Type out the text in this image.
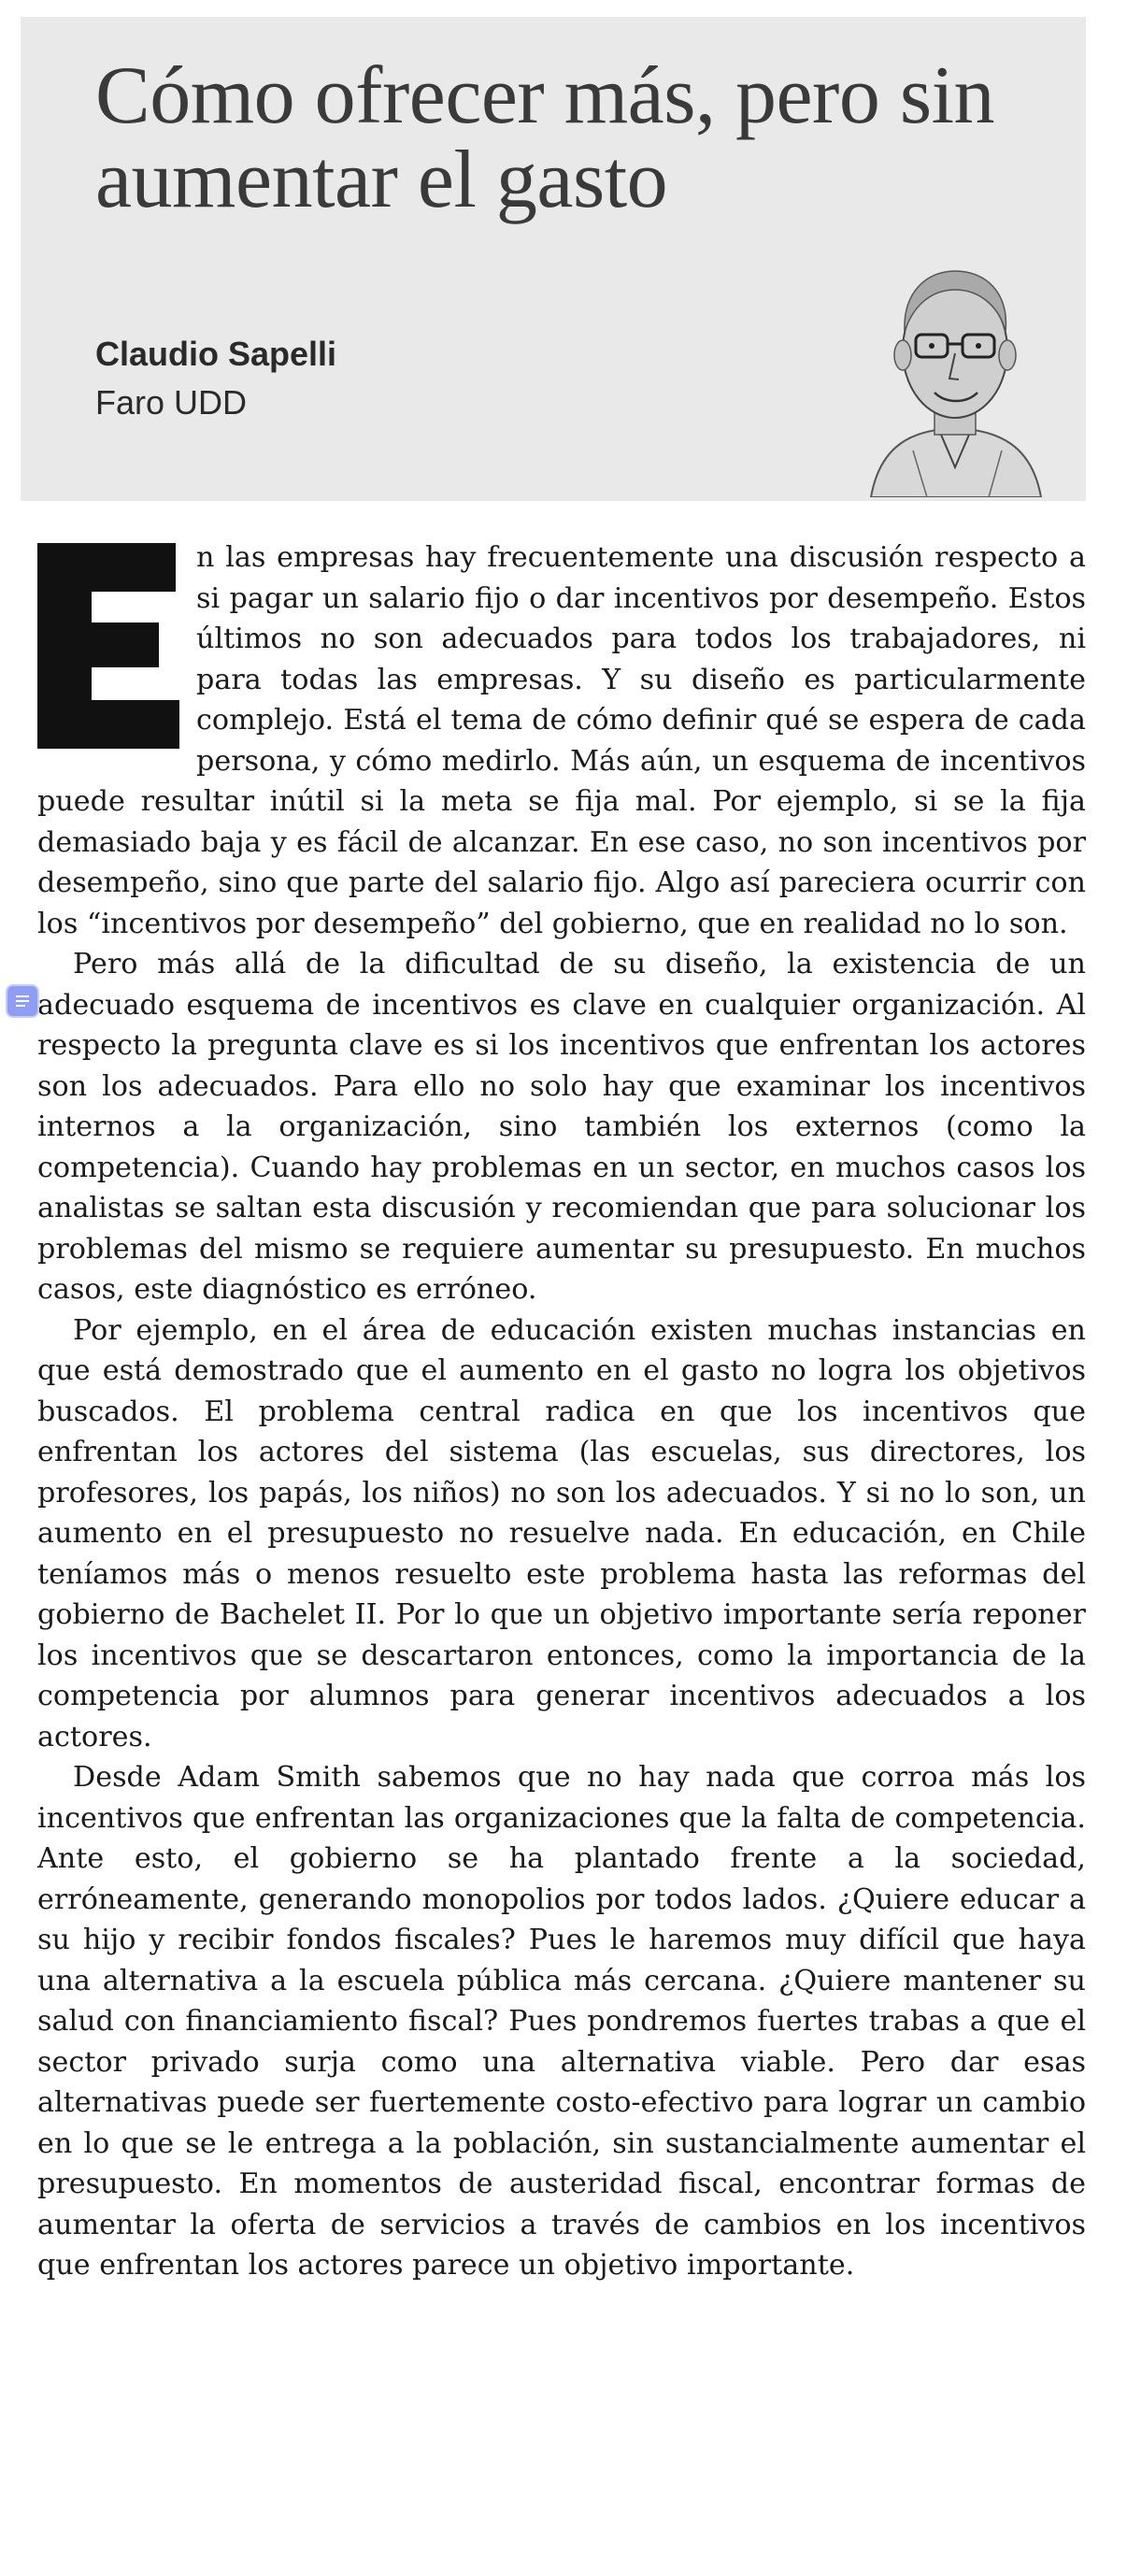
Cómo ofrecer más, pero sin aumentar el gasto
Claudio Sapelli
Faro UDD

n las empresas hay frecuentemente una discusión respecto a si pagar un salario fijo o dar incentivos por desempeño. Estos últimos no son adecuados para todos los trabajadores, ni para todas las empresas. Y su diseño es particularmente complejo. Está el tema de cómo definir qué se espera de cada persona, y cómo medirlo. Más aún, un esquema de incentivos puede resultar inútil si la meta se fija mal. Por ejemplo, si se la fija demasiado baja y es fácil de alcanzar. En ese caso, no son incentivos por desempeño, sino que parte del salario fijo. Algo así pareciera ocurrir con los “incentivos por desempeño” del gobierno, que en realidad no lo son.

Pero más allá de la dificultad de su diseño, la existencia de un adecuado esquema de incentivos es clave en cualquier organización. Al respecto la pregunta clave es si los incentivos que enfrentan los actores son los adecuados. Para ello no solo hay que examinar los incentivos internos a la organización, sino también los externos (como la competencia). Cuando hay problemas en un sector, en muchos casos los analistas se saltan esta discusión y recomiendan que para solucionar los problemas del mismo se requiere aumentar su presupuesto. En muchos casos, este diagnóstico es erróneo.

Por ejemplo, en el área de educación existen muchas instancias en que está demostrado que el aumento en el gasto no logra los objetivos buscados. El problema central radica en que los incentivos que enfrentan los actores del sistema (las escuelas, sus directores, los profesores, los papás, los niños) no son los adecuados. Y si no lo son, un aumento en el presupuesto no resuelve nada. En educación, en Chile teníamos más o menos resuelto este problema hasta las reformas del gobierno de Bachelet II. Por lo que un objetivo importante sería reponer los incentivos que se descartaron entonces, como la importancia de la competencia por alumnos para generar incentivos adecuados a los actores.

Desde Adam Smith sabemos que no hay nada que corroa más los incentivos que enfrentan las organizaciones que la falta de competencia. Ante esto, el gobierno se ha plantado frente a la sociedad, erróneamente, generando monopolios por todos lados. ¿Quiere educar a su hijo y recibir fondos fiscales? Pues le haremos muy difícil que haya una alternativa a la escuela pública más cercana. ¿Quiere mantener su salud con financiamiento fiscal? Pues pondremos fuertes trabas a que el sector privado surja como una alternativa viable. Pero dar esas alternativas puede ser fuertemente costo-efectivo para lograr un cambio en lo que se le entrega a la población, sin sustancialmente aumentar el presupuesto. En momentos de austeridad fiscal, encontrar formas de aumentar la oferta de servicios a través de cambios en los incentivos que enfrentan los actores parece un objetivo importante.
